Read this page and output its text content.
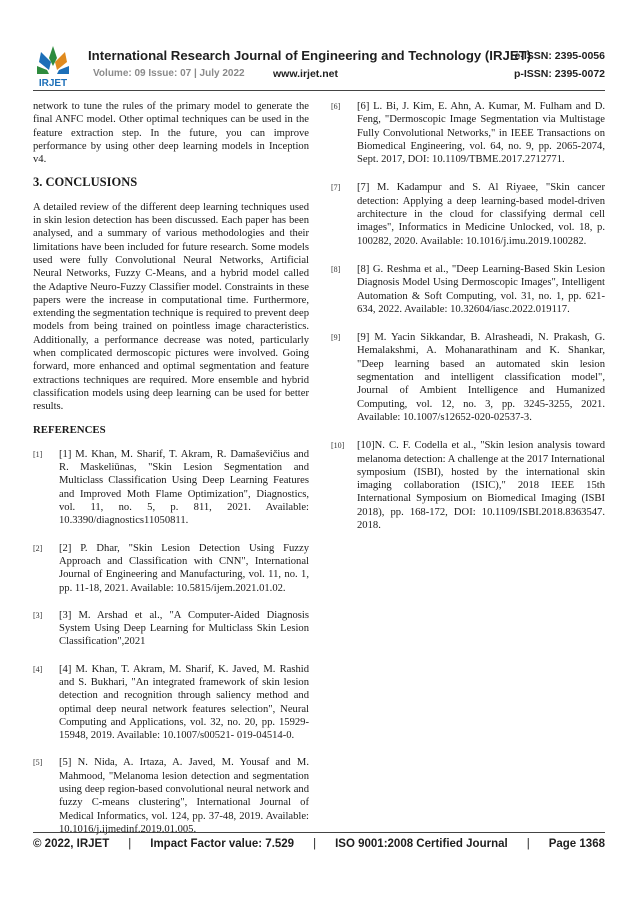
IRJET
International Research Journal of Engineering and Technology (IRJET)
e-ISSN: 2395-0056
Volume: 09 Issue: 07 | July 2022	www.irjet.net	p-ISSN: 2395-0072

network to tune the rules of the primary model to generate the final ANFC model. Other optimal techniques can be used in the feature extraction step. In the future, you can improve performance by using other deep learning models in Inception v4.

3. CONCLUSIONS

A detailed review of the different deep learning techniques used in skin lesion detection has been discussed. Each paper has been analysed, and a summary of various methodologies and their limitations have been included for future research. Some models used were fully Convolutional Neural Networks, Artificial Neural Networks, Fuzzy C-Means, and a hybrid model called the Adaptive Neuro-Fuzzy Classifier model. Constraints in these papers were the increase in computational time. Furthermore, extending the segmentation technique is required to prevent deep models from being trained on pointless image characteristics. Additionally, a performance decrease was noted, particularly when complicated dermoscopic pictures were involved. Going forward, more enhanced and optimal segmentation and feature extractions techniques are required. More ensemble and hybrid classification models using deep learning can be used for better results.

REFERENCES
[1]	[1] M. Khan, M. Sharif, T. Akram, R. Damaševičius and R. Maskeliūnas, "Skin Lesion Segmentation and Multiclass Classification Using Deep Learning Features and Improved Moth Flame Optimization", Diagnostics, vol. 11, no. 5, p. 811, 2021. Available: 10.3390/diagnostics11050811.
[2]	[2] P. Dhar, "Skin Lesion Detection Using Fuzzy Approach and Classification with CNN", International Journal of Engineering and Manufacturing, vol. 11, no. 1, pp. 11-18, 2021. Available: 10.5815/ijem.2021.01.02.
[3]	[3] M. Arshad et al., "A Computer-Aided Diagnosis System Using Deep Learning for Multiclass Skin Lesion Classification",2021
[4]	[4] M. Khan, T. Akram, M. Sharif, K. Javed, M. Rashid and S. Bukhari, "An integrated framework of skin lesion detection and recognition through saliency method and optimal deep neural network features selection", Neural Computing and Applications, vol. 32, no. 20, pp. 15929-15948, 2019. Available: 10.1007/s00521- 019-04514-0.
[5]	[5] N. Nida, A. Irtaza, A. Javed, M. Yousaf and M. Mahmood, "Melanoma lesion detection and segmentation using deep region-based convolutional neural network and fuzzy C-means clustering", International Journal of Medical Informatics, vol. 124, pp. 37-48, 2019. Available: 10.1016/j.ijmedinf.2019.01.005.
[6]	[6] L. Bi, J. Kim, E. Ahn, A. Kumar, M. Fulham and D. Feng, "Dermoscopic Image Segmentation via Multistage Fully Convolutional Networks," in IEEE Transactions on Biomedical Engineering, vol. 64, no. 9, pp. 2065-2074, Sept. 2017, DOI: 10.1109/TBME.2017.2712771.
[7]	[7] M. Kadampur and S. Al Riyaee, "Skin cancer detection: Applying a deep learning-based model-driven architecture in the cloud for classifying dermal cell images", Informatics in Medicine Unlocked, vol. 18, p. 100282, 2020. Available: 10.1016/j.imu.2019.100282.
[8]	[8] G. Reshma et al., "Deep Learning-Based Skin Lesion Diagnosis Model Using Dermoscopic Images", Intelligent Automation & Soft Computing, vol. 31, no. 1, pp. 621-634, 2022. Available: 10.32604/iasc.2022.019117.
[9]	[9] M. Yacin Sikkandar, B. Alrasheadi, N. Prakash, G. Hemalakshmi, A. Mohanarathinam and K. Shankar, "Deep learning based an automated skin lesion segmentation and intelligent classification model", Journal of Ambient Intelligence and Humanized Computing, vol. 12, no. 3, pp. 3245-3255, 2021. Available: 10.1007/s12652-020-02537-3.
[10]	[10]N. C. F. Codella et al., "Skin lesion analysis toward melanoma detection: A challenge at the 2017 International symposium (ISBI), hosted by the international skin imaging collaboration (ISIC)," 2018 IEEE 15th International Symposium on Biomedical Imaging (ISBI 2018), pp. 168-172, DOI: 10.1109/ISBI.2018.8363547. 2018.
© 2022, IRJET | Impact Factor value: 7.529 | ISO 9001:2008 Certified Journal | Page 1368
